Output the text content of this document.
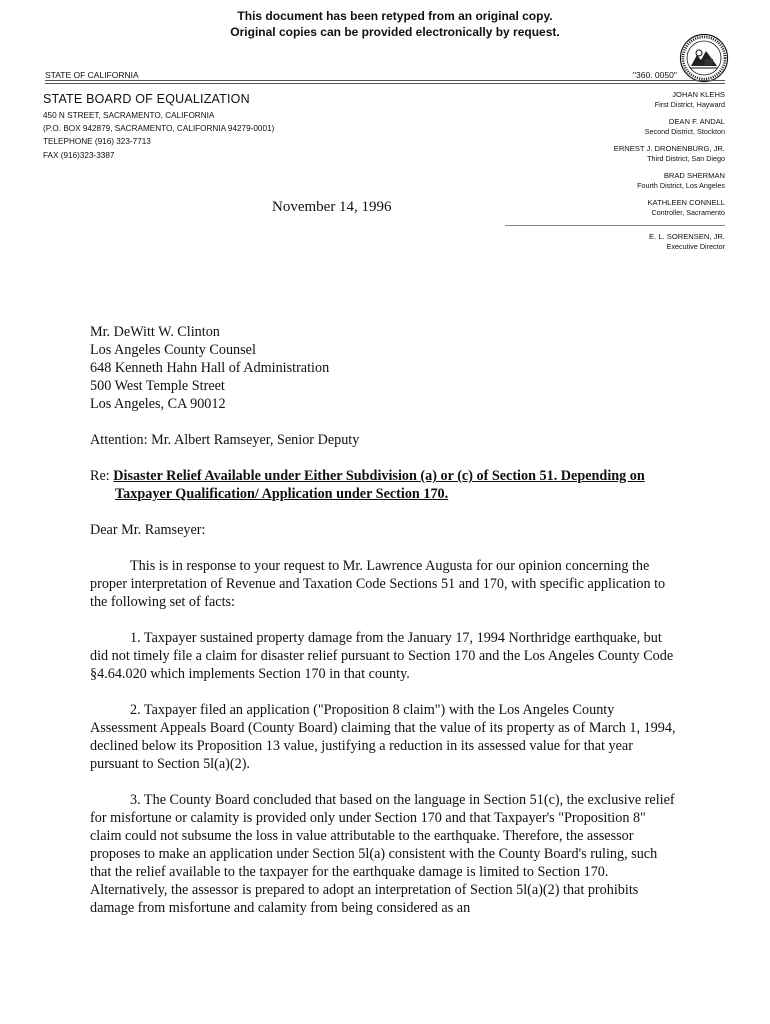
This document has been retyped from an original copy.
Original copies can be provided electronically by request.
STATE OF CALIFORNIA	"360. 0050"
STATE BOARD OF EQUALIZATION
450 N STREET, SACRAMENTO, CALIFORNIA
(P.O. BOX 942879, SACRAMENTO, CALIFORNIA 94279-0001)
TELEPHONE (916) 323-7713
FAX (916)323-3387
JOHAN KLEHS
First District, Hayward
DEAN F. ANDAL
Second District, Stockton
ERNEST J. DRONENBURG, JR.
Third District, San Diego
BRAD SHERMAN
Fourth District, Los Angeles
KATHLEEN CONNELL
Controller, Sacramento
E. L. SORENSEN, JR.
Executive Director
November 14, 1996
Mr. DeWitt W. Clinton
Los Angeles County Counsel
648 Kenneth Hahn Hall of Administration
500 West Temple Street
Los Angeles, CA 90012
Attention: Mr. Albert Ramseyer, Senior Deputy
Re: Disaster Relief Available under Either Subdivision (a) or (c) of Section 51. Depending on Taxpayer Qualification/ Application under Section 170.
Dear Mr. Ramseyer:

This is in response to your request to Mr. Lawrence Augusta for our opinion concerning the proper interpretation of Revenue and Taxation Code Sections 51 and 170, with specific application to the following set of facts:

1. Taxpayer sustained property damage from the January 17, 1994 Northridge earthquake, but did not timely file a claim for disaster relief pursuant to Section 170 and the Los Angeles County Code §4.64.020 which implements Section 170 in that county.

2. Taxpayer filed an application ("Proposition 8 claim") with the Los Angeles County Assessment Appeals Board (County Board) claiming that the value of its property as of March 1, 1994, declined below its Proposition 13 value, justifying a reduction in its assessed value for that year pursuant to Section 5l(a)(2).

3. The County Board concluded that based on the language in Section 51(c), the exclusive relief for misfortune or calamity is provided only under Section 170 and that Taxpayer's "Proposition 8" claim could not subsume the loss in value attributable to the earthquake. Therefore, the assessor proposes to make an application under Section 5l(a) consistent with the County Board's ruling, such that the relief available to the taxpayer for the earthquake damage is limited to Section 170. Alternatively, the assessor is prepared to adopt an interpretation of Section 5l(a)(2) that prohibits damage from misfortune and calamity from being considered as an
